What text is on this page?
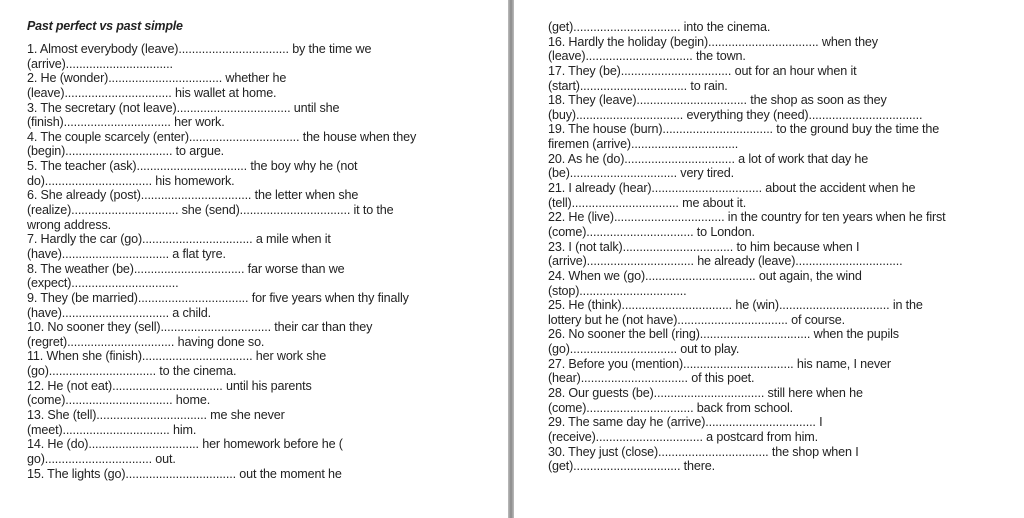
Past perfect vs past simple
1. Almost everybody (leave)................................. by the time we
(arrive)................................
2. He (wonder).................................. whether he
(leave)................................ his wallet at home.
3. The secretary (not leave).................................. until she
(finish)................................ her work.
4. The couple scarcely (enter)................................. the house when they
(begin)................................ to argue.
5. The teacher (ask)................................. the boy why he (not
do)................................ his homework.
6. She already (post)................................. the letter when she
(realize)................................ she (send)................................. it to the
wrong address.
7. Hardly the car (go)................................. a mile when it
(have)................................ a flat tyre.
8. The weather (be)................................. far worse than we
(expect)................................
9. They (be married)................................. for five years when thy finally
(have)................................ a child.
10. No sooner they (sell)................................. their car than they
(regret)................................ having done so.
11. When she (finish)................................. her work she
(go)................................ to the cinema.
12. He (not eat)................................. until his parents
(come)................................ home.
13. She (tell)................................. me she never
(meet)................................ him.
14. He (do)................................. her homework before he (
go)................................ out.
15. The lights (go)................................. out the moment he
(get)................................ into the cinema.
16. Hardly the holiday (begin)................................. when they
(leave)................................ the town.
17. They (be)................................. out for an hour when it
(start)................................ to rain.
18. They (leave)................................. the shop as soon as they
(buy)................................ everything they (need)..................................
19. The house (burn)................................. to the ground buy the time the
firemen (arrive)................................
20. As he (do)................................. a lot of work that day he
(be)................................ very tired.
21. I already (hear)................................. about the accident when he
(tell)................................ me about it.
22. He (live)................................. in the country for ten years when he first
(come)................................ to London.
23. I (not talk)................................. to him because when I
(arrive)................................ he already (leave)................................
24. When we (go)................................. out again, the wind
(stop)................................
25. He (think)................................. he (win)................................. in the
lottery but he (not have)................................. of course.
26. No sooner the bell (ring)................................. when the pupils
(go)................................ out to play.
27. Before you (mention)................................. his name, I never
(hear)................................ of this poet.
28. Our guests (be)................................. still here when he
(come)................................ back from school.
29. The same day he (arrive)................................. I
(receive)................................ a postcard from him.
30. They just (close)................................. the shop when I
(get)................................ there.
